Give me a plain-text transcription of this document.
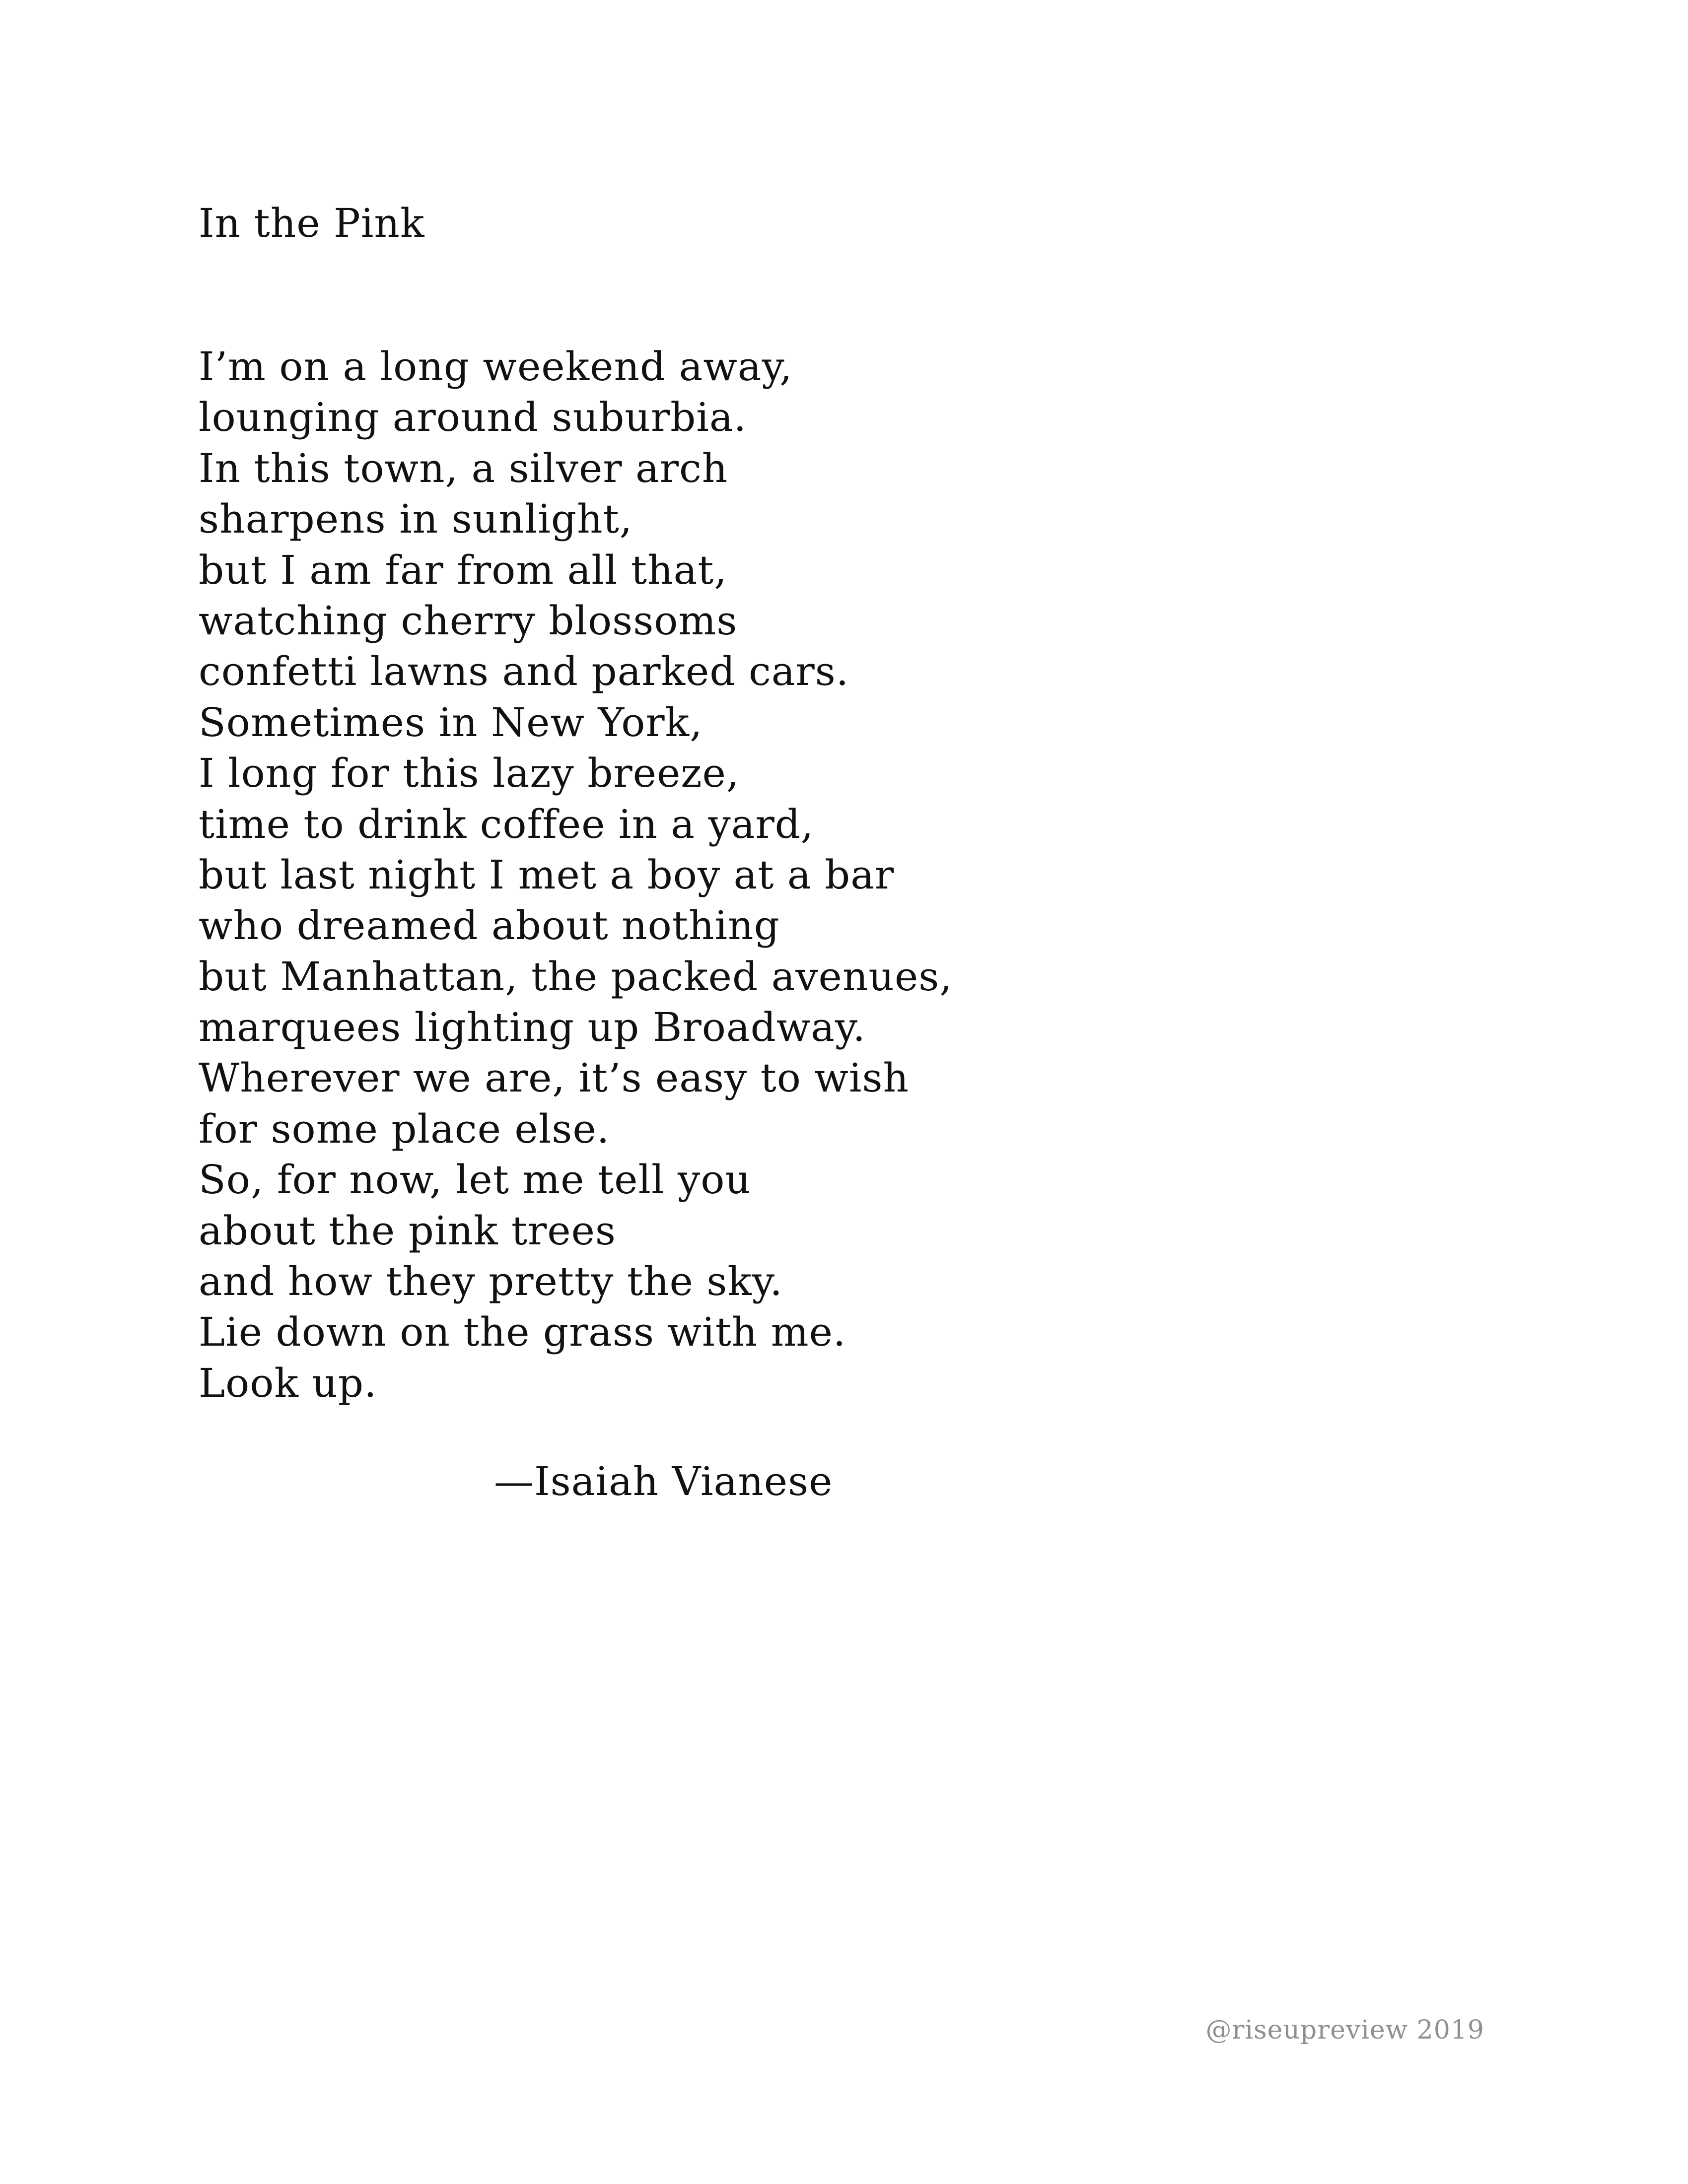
In the Pink
I’m on a long weekend away,
lounging around suburbia.
In this town, a silver arch
sharpens in sunlight,
but I am far from all that,
watching cherry blossoms
confetti lawns and parked cars.
Sometimes in New York,
I long for this lazy breeze,
time to drink coffee in a yard,
but last night I met a boy at a bar
who dreamed about nothing
but Manhattan, the packed avenues,
marquees lighting up Broadway.
Wherever we are, it’s easy to wish
for some place else.
So, for now, let me tell you
about the pink trees
and how they pretty the sky.
Lie down on the grass with me.
Look up.
—Isaiah Vianese
@riseupreview 2019
